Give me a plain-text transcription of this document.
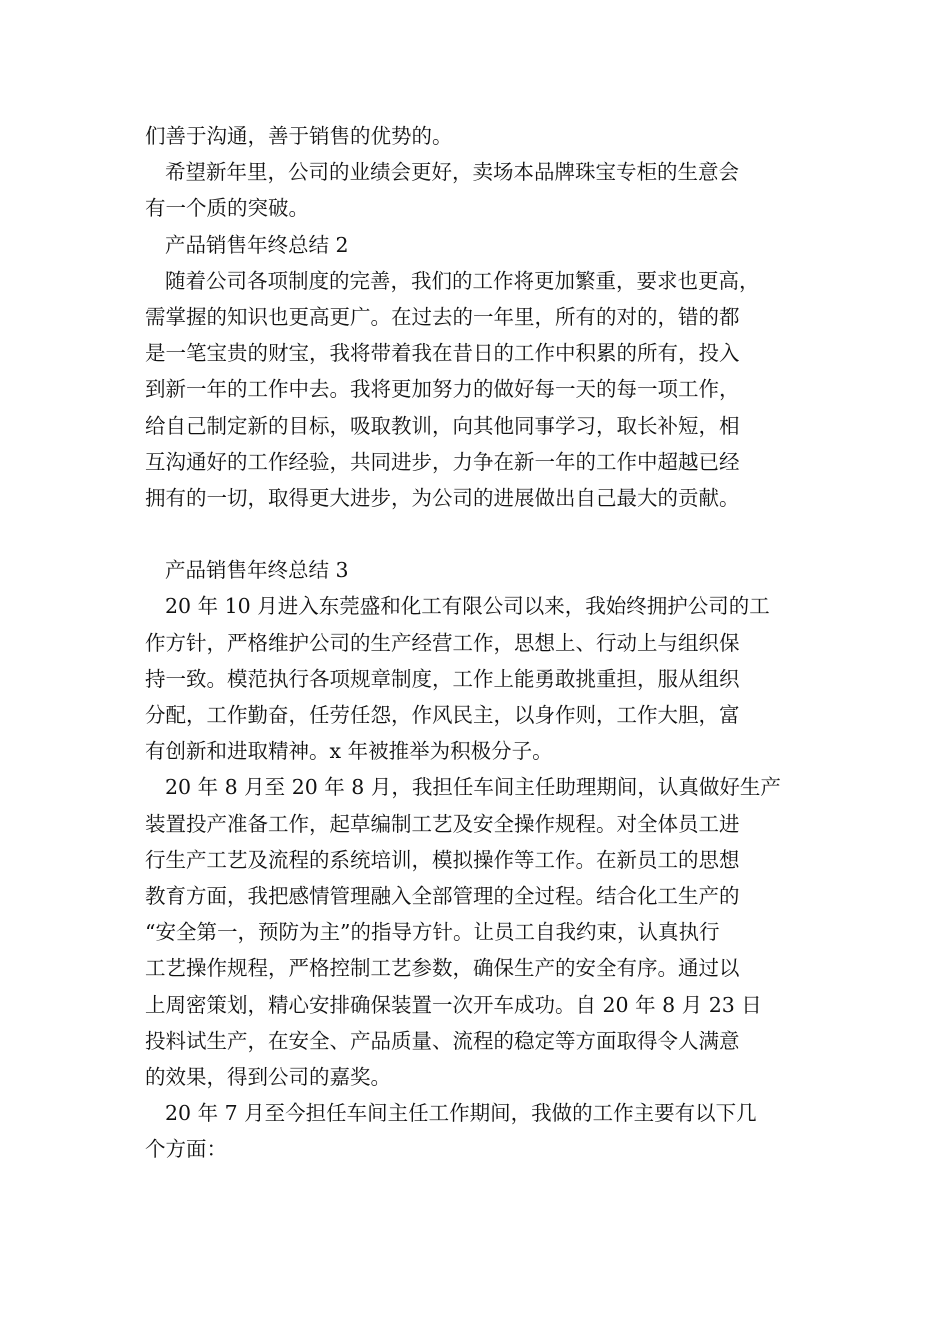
们善于沟通，善于销售的优势的。
希望新年里，公司的业绩会更好，卖场本品牌珠宝专柜的生意会
有一个质的突破。
产品销售年终总结 2
随着公司各项制度的完善，我们的工作将更加繁重，要求也更高，
需掌握的知识也更高更广。在过去的一年里，所有的对的，错的都
是一笔宝贵的财宝，我将带着我在昔日的工作中积累的所有，投入
到新一年的工作中去。我将更加努力的做好每一天的每一项工作，
给自己制定新的目标，吸取教训，向其他同事学习，取长补短，相
互沟通好的工作经验，共同进步，力争在新一年的工作中超越已经
拥有的一切，取得更大进步，为公司的进展做出自己最大的贡献。
产品销售年终总结 3
20 年 10 月进入东莞盛和化工有限公司以来，我始终拥护公司的工
作方针，严格维护公司的生产经营工作，思想上、行动上与组织保
持一致。模范执行各项规章制度，工作上能勇敢挑重担，服从组织
分配，工作勤奋，任劳任怨，作风民主，以身作则，工作大胆，富
有创新和进取精神。x 年被推举为积极分子。
20 年 8 月至 20 年 8 月，我担任车间主任助理期间，认真做好生产
装置投产准备工作，起草编制工艺及安全操作规程。对全体员工进
行生产工艺及流程的系统培训，模拟操作等工作。在新员工的思想
教育方面，我把感情管理融入全部管理的全过程。结合化工生产的
“安全第一，预防为主”的指导方针。让员工自我约束，认真执行
工艺操作规程，严格控制工艺参数，确保生产的安全有序。通过以
上周密策划，精心安排确保装置一次开车成功。自 20 年 8 月 23 日
投料试生产，在安全、产品质量、流程的稳定等方面取得令人满意
的效果，得到公司的嘉奖。
20 年 7 月至今担任车间主任工作期间，我做的工作主要有以下几
个方面：
